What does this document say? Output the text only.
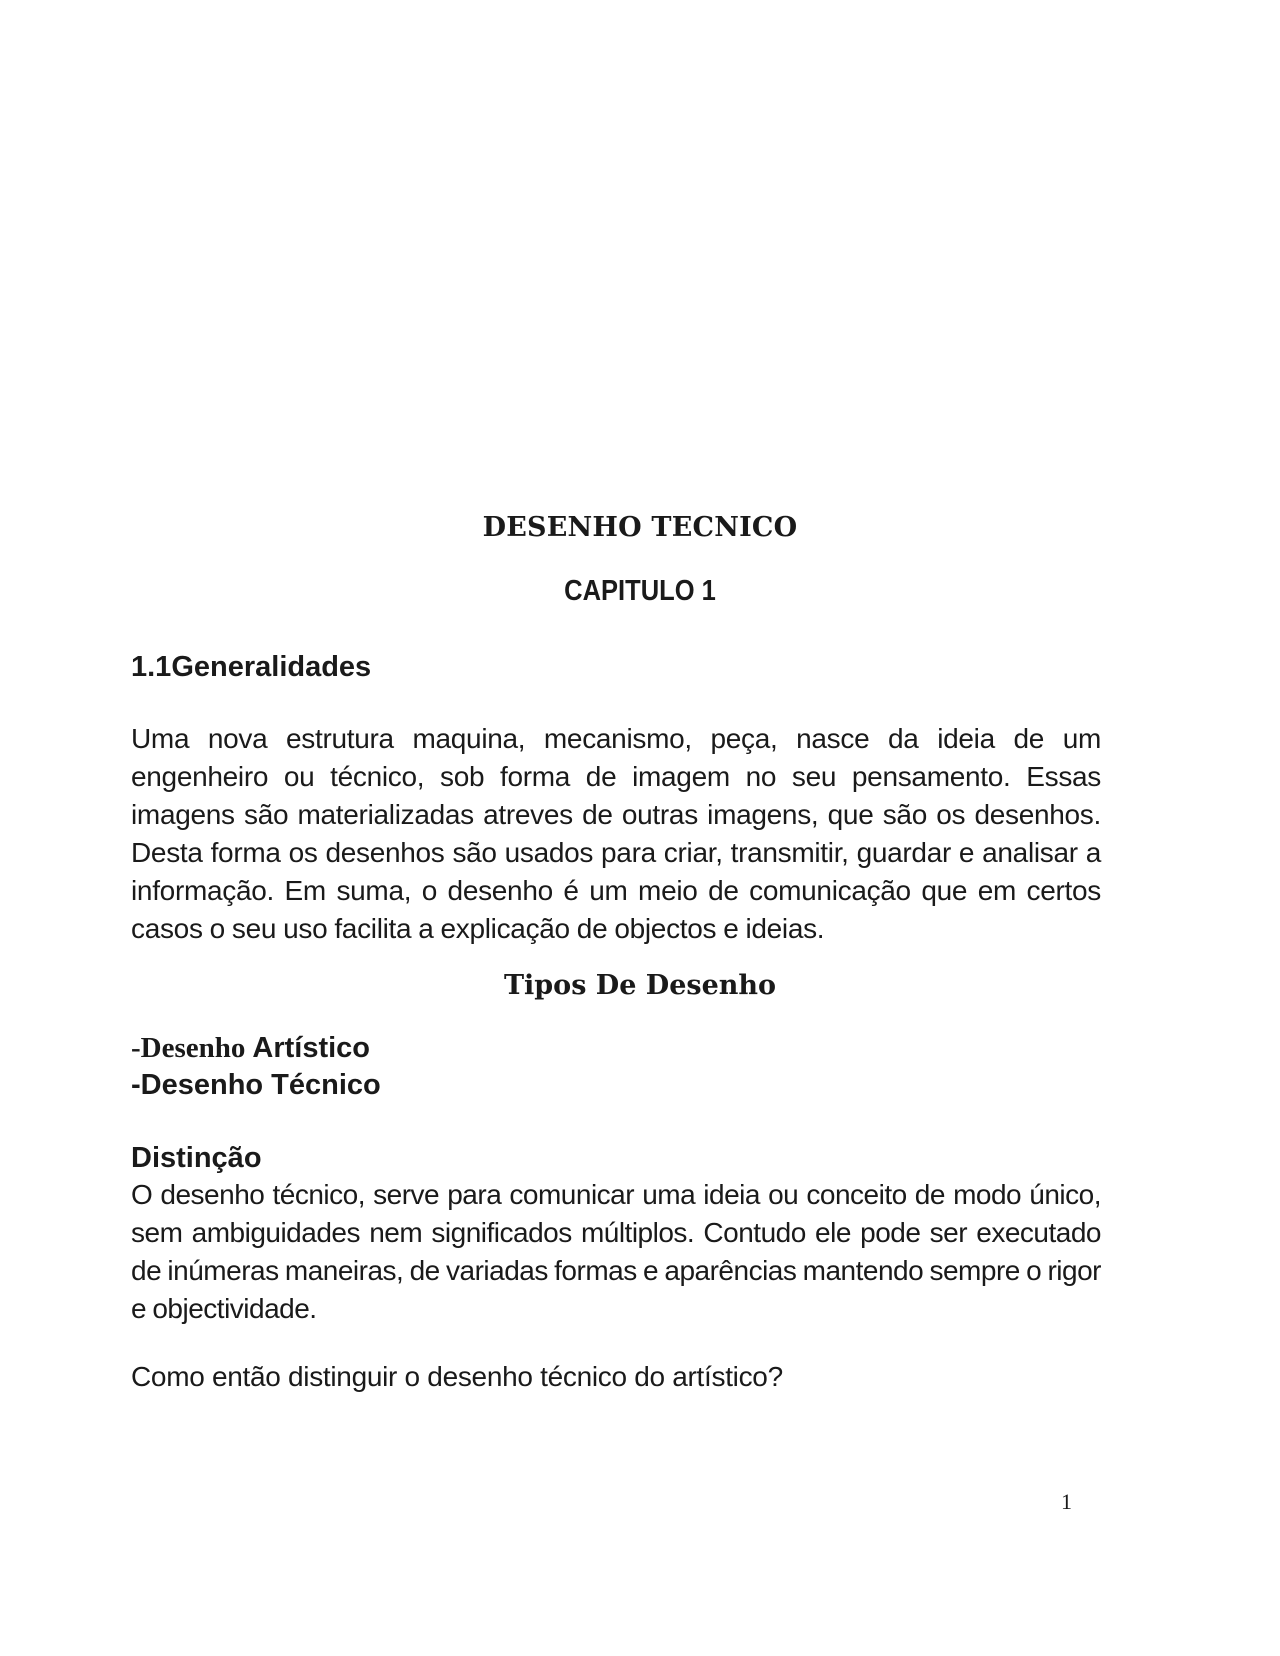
DESENHO TECNICO
CAPITULO 1
1.1Generalidades

Uma nova estrutura maquina, mecanismo, peça, nasce da ideia de um engenheiro ou técnico, sob forma de imagem no seu pensamento. Essas imagens são materializadas atreves de outras imagens, que são os desenhos. Desta forma os desenhos são usados para criar, transmitir, guardar e analisar a informação. Em suma, o desenho é um meio de comunicação que em certos casos o seu uso facilita a explicação de objectos e ideias.

Tipos De Desenho
-Desenho Artístico
-Desenho Técnico
Distinção

O desenho técnico, serve para comunicar uma ideia ou conceito de modo único, sem ambiguidades nem significados múltiplos. Contudo ele pode ser executado de inúmeras maneiras, de variadas formas e aparências mantendo sempre o rigor e objectividade.

Como então distinguir o desenho técnico do artístico?

1
